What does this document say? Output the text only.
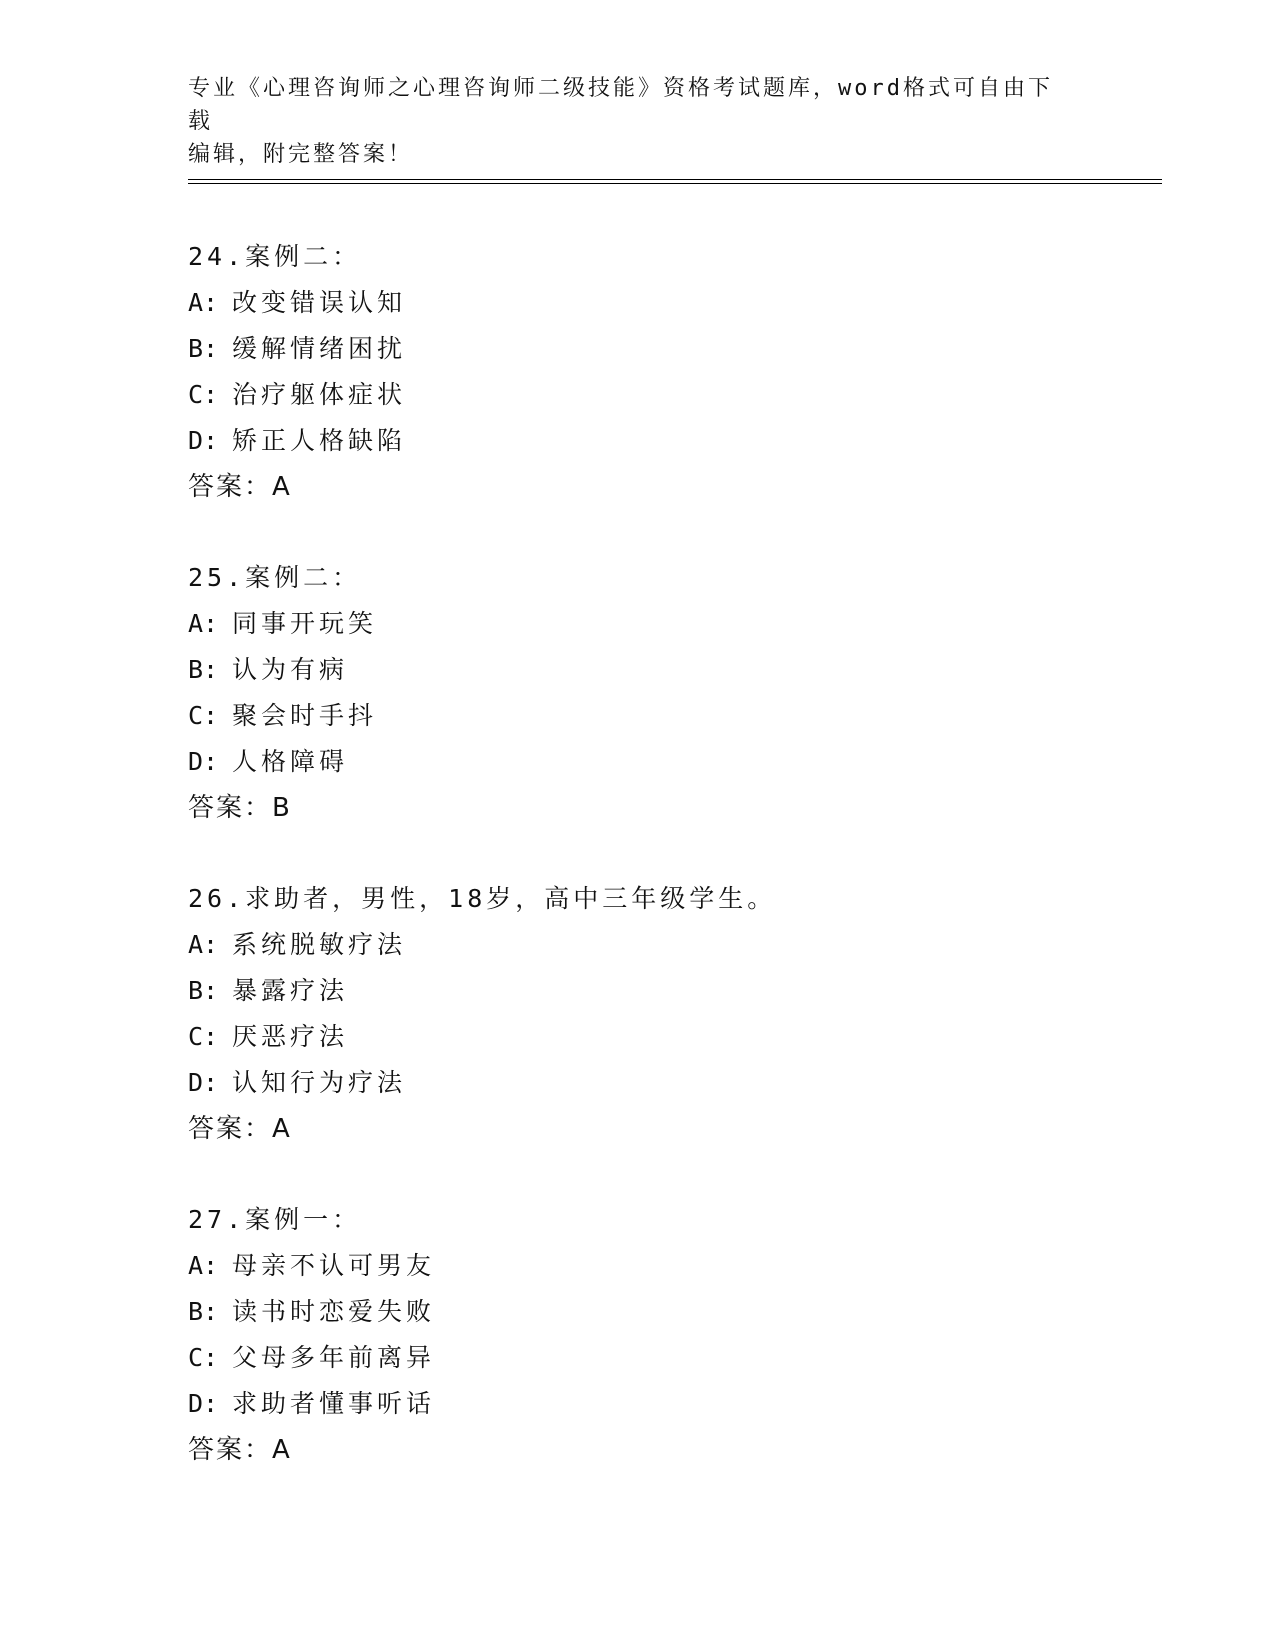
专业《心理咨询师之心理咨询师二级技能》资格考试题库，word格式可自由下载
编辑，附完整答案！
24.案例二：
A: 改变错误认知
B: 缓解情绪困扰
C: 治疗躯体症状
D: 矫正人格缺陷
答案：A
25.案例二：
A: 同事开玩笑
B: 认为有病
C: 聚会时手抖
D: 人格障碍
答案：B
26.求助者，男性，18岁，高中三年级学生。
A: 系统脱敏疗法
B: 暴露疗法
C: 厌恶疗法
D: 认知行为疗法
答案：A
27.案例一：
A: 母亲不认可男友
B: 读书时恋爱失败
C: 父母多年前离异
D: 求助者懂事听话
答案：A
